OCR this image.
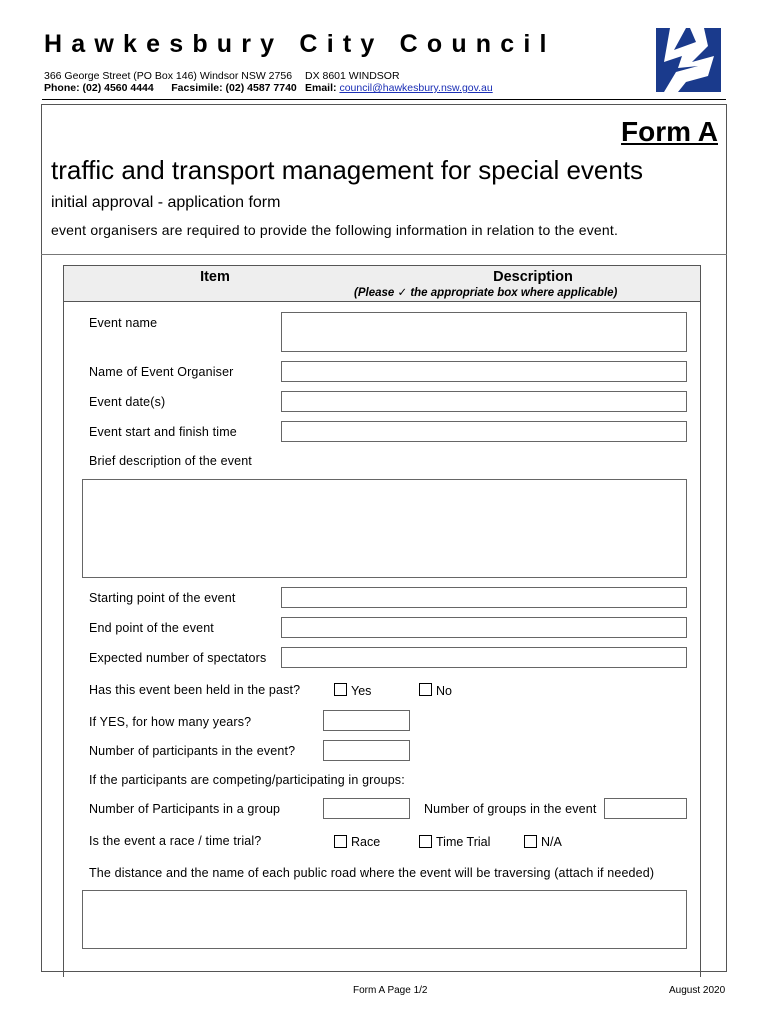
Hawkesbury City Council
366 George Street (PO Box 146) Windsor NSW 2756
Phone: (02) 4560 4444 Facsimile: (02) 4587 7740
DX 8601 WINDSOR
Email: council@hawkesbury.nsw.gov.au
Form A
traffic and transport management for special events
initial approval - application form
event organisers are required to provide the following information in relation to the event.
Item	Description
(Please ✓ the appropriate box where applicable)
Event name
Name of Event Organiser
Event date(s)
Event start and finish time
Brief description of the event
Starting point of the event
End point of the event
Expected number of spectators
Has this event been held in the past?	Yes	No
If YES, for how many years?
Number of participants in the event?
If the participants are competing/participating in groups:
Number of Participants in a group	Number of groups in the event
Is the event a race / time trial?	Race	Time Trial	N/A
The distance and the name of each public road where the event will be traversing (attach if needed)
Form A Page 1/2	August 2020
